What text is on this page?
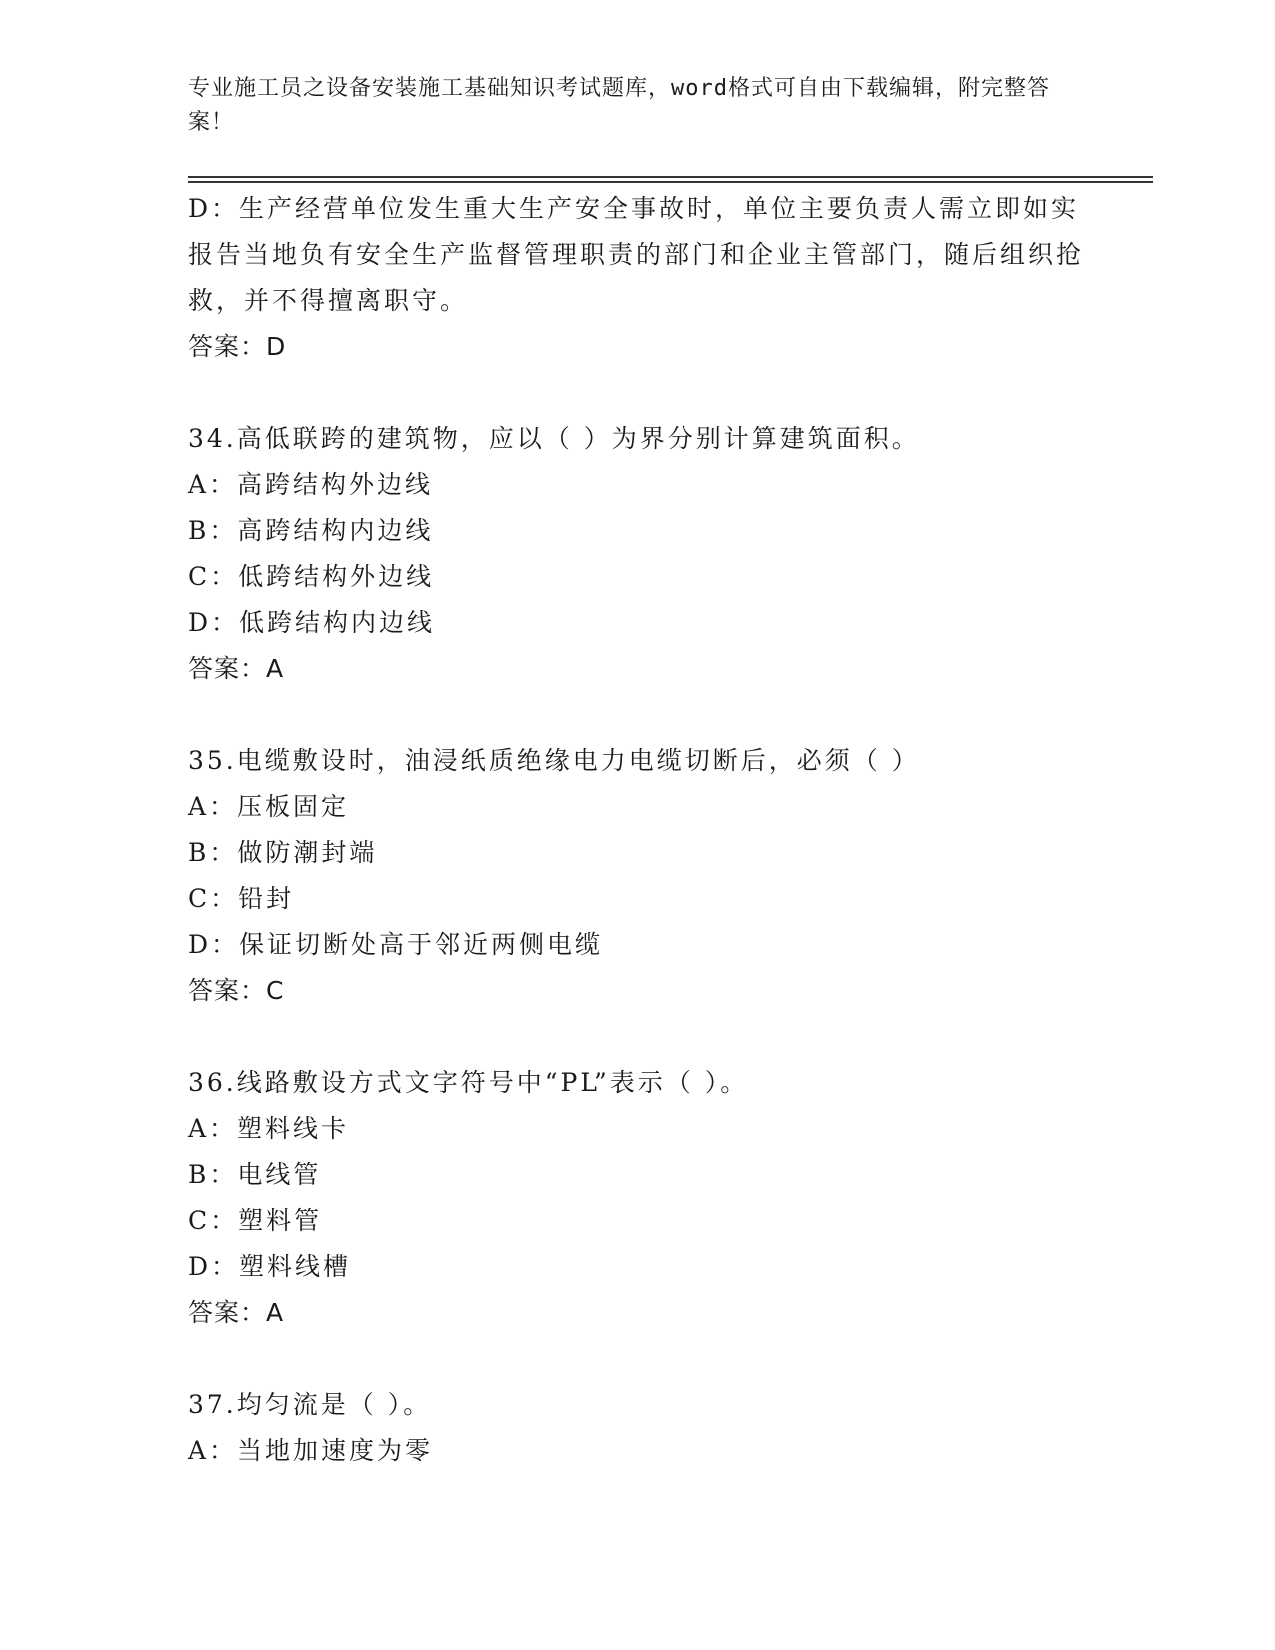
专业施工员之设备安装施工基础知识考试题库，word格式可自由下载编辑，附完整答案！
D：生产经营单位发生重大生产安全事故时，单位主要负责人需立即如实报告当地负有安全生产监督管理职责的部门和企业主管部门，随后组织抢救，并不得擅离职守。
答案：D
34.高低联跨的建筑物，应以（ ）为界分别计算建筑面积。
A：高跨结构外边线
B：高跨结构内边线
C：低跨结构外边线
D：低跨结构内边线
答案：A
35.电缆敷设时，油浸纸质绝缘电力电缆切断后，必须（ ）
A：压板固定
B：做防潮封端
C：铅封
D：保证切断处高于邻近两侧电缆
答案：C
36.线路敷设方式文字符号中“PL”表示（ ）。
A：塑料线卡
B：电线管
C：塑料管
D：塑料线槽
答案：A
37.均匀流是（ ）。
A：当地加速度为零
